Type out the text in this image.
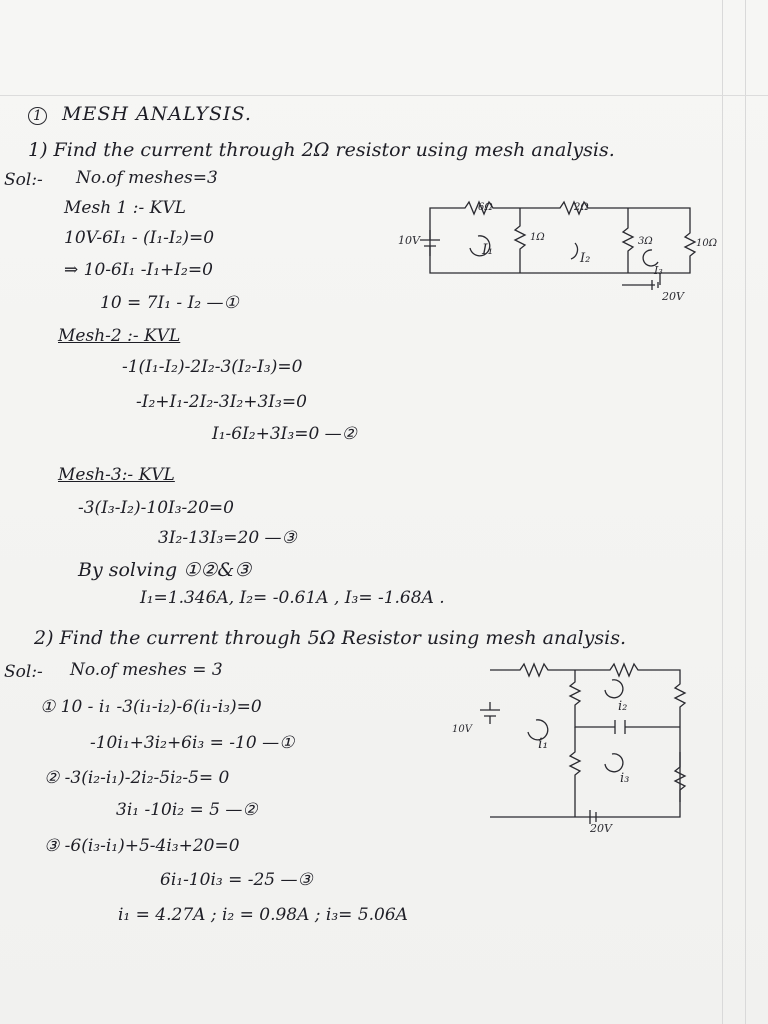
1 MESH ANALYSIS.
1) Find the current through 2Ω resistor using mesh analysis.
Sol:- No.of meshes=3
Mesh 1 :- KVL
10V-6I₁ - (I₁-I₂)=0
⇒ 10-6I₁ -I₁+I₂=0
10 = 7I₁ - I₂ —①
Mesh-2 :- KVL
-1(I₁-I₂)-2I₂-3(I₂-I₃)=0
-I₂+I₁-2I₂-3I₂+3I₃=0
I₁-6I₂+3I₃=0 —②
Mesh-3:- KVL
-3(I₃-I₂)-10I₃-20=0
3I₂-13I₃=20 —③
By solving ①②&③
I₁=1.346A, I₂= -0.61A , I₃= -1.68A .
10V
6Ω	2Ω
1Ω	3Ω	10Ω
I₁
I₂
I₃
20V
2) Find the current through 5Ω Resistor using mesh analysis.
Sol:- No.of meshes = 3
① 10 - i₁ -3(i₁-i₂)-6(i₁-i₃)=0
-10i₁+3i₂+6i₃ = -10 —①
② -3(i₂-i₁)-2i₂-5i₂-5= 0
3i₁ -10i₂ = 5 —②
③ -6(i₃-i₁)+5-4i₃+20=0
6i₁-10i₃ = -25 —③
i₁ = 4.27A ; i₂ = 0.98A ; i₃= 5.06A
10V
i₁
i₂
i₃
20V
